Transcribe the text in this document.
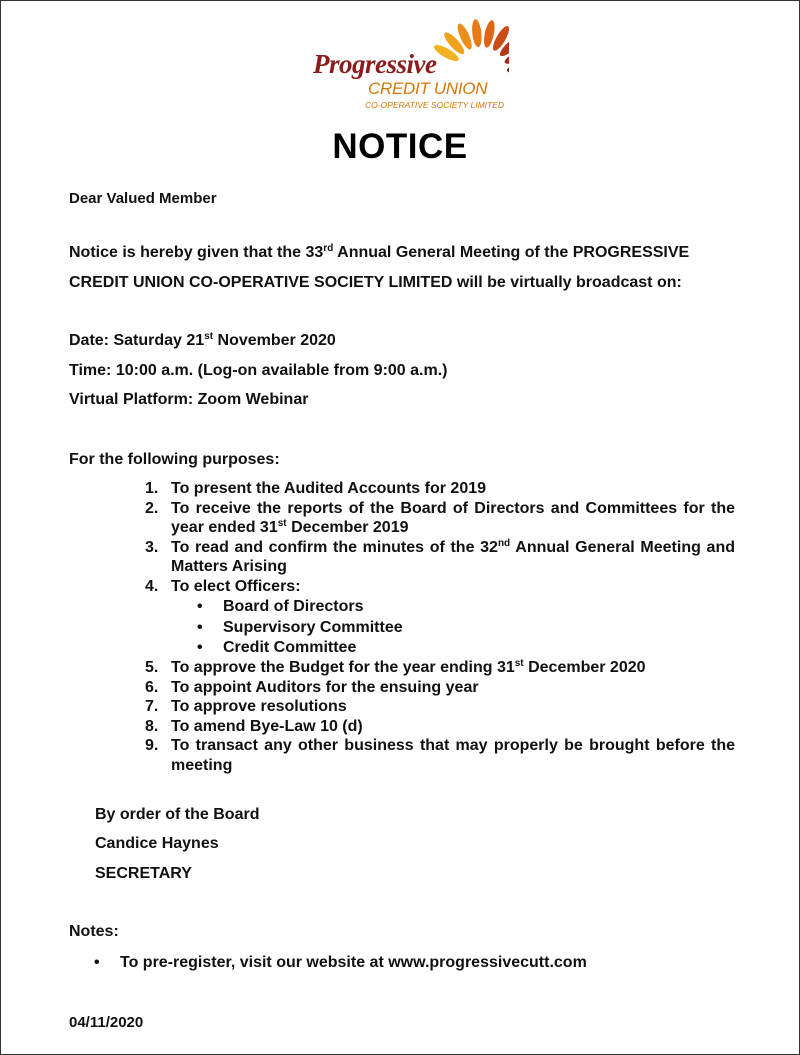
Progressive
CREDIT UNION
CO-OPERATIVE SOCIETY LIMITED
NOTICE
Dear Valued Member
Notice is hereby given that the 33rd Annual General Meeting of the PROGRESSIVE
CREDIT UNION CO-OPERATIVE SOCIETY LIMITED will be virtually broadcast on:
Date: Saturday 21st November 2020
Time: 10:00 a.m. (Log-on available from 9:00 a.m.)
Virtual Platform: Zoom Webinar
For the following purposes:
1. To present the Audited Accounts for 2019
2. To receive the reports of the Board of Directors and Committees for the year ended 31st December 2019
3. To read and confirm the minutes of the 32nd Annual General Meeting and Matters Arising
4. To elect Officers:
•	Board of Directors
•	Supervisory Committee
•	Credit Committee
5. To approve the Budget for the year ending 31st December 2020
6. To appoint Auditors for the ensuing year
7. To approve resolutions
8. To amend Bye-Law 10 (d)
9. To transact any other business that may properly be brought before the meeting
By order of the Board
Candice Haynes
SECRETARY
Notes:
•	To pre-register, visit our website at www.progressivecutt.com
04/11/2020
